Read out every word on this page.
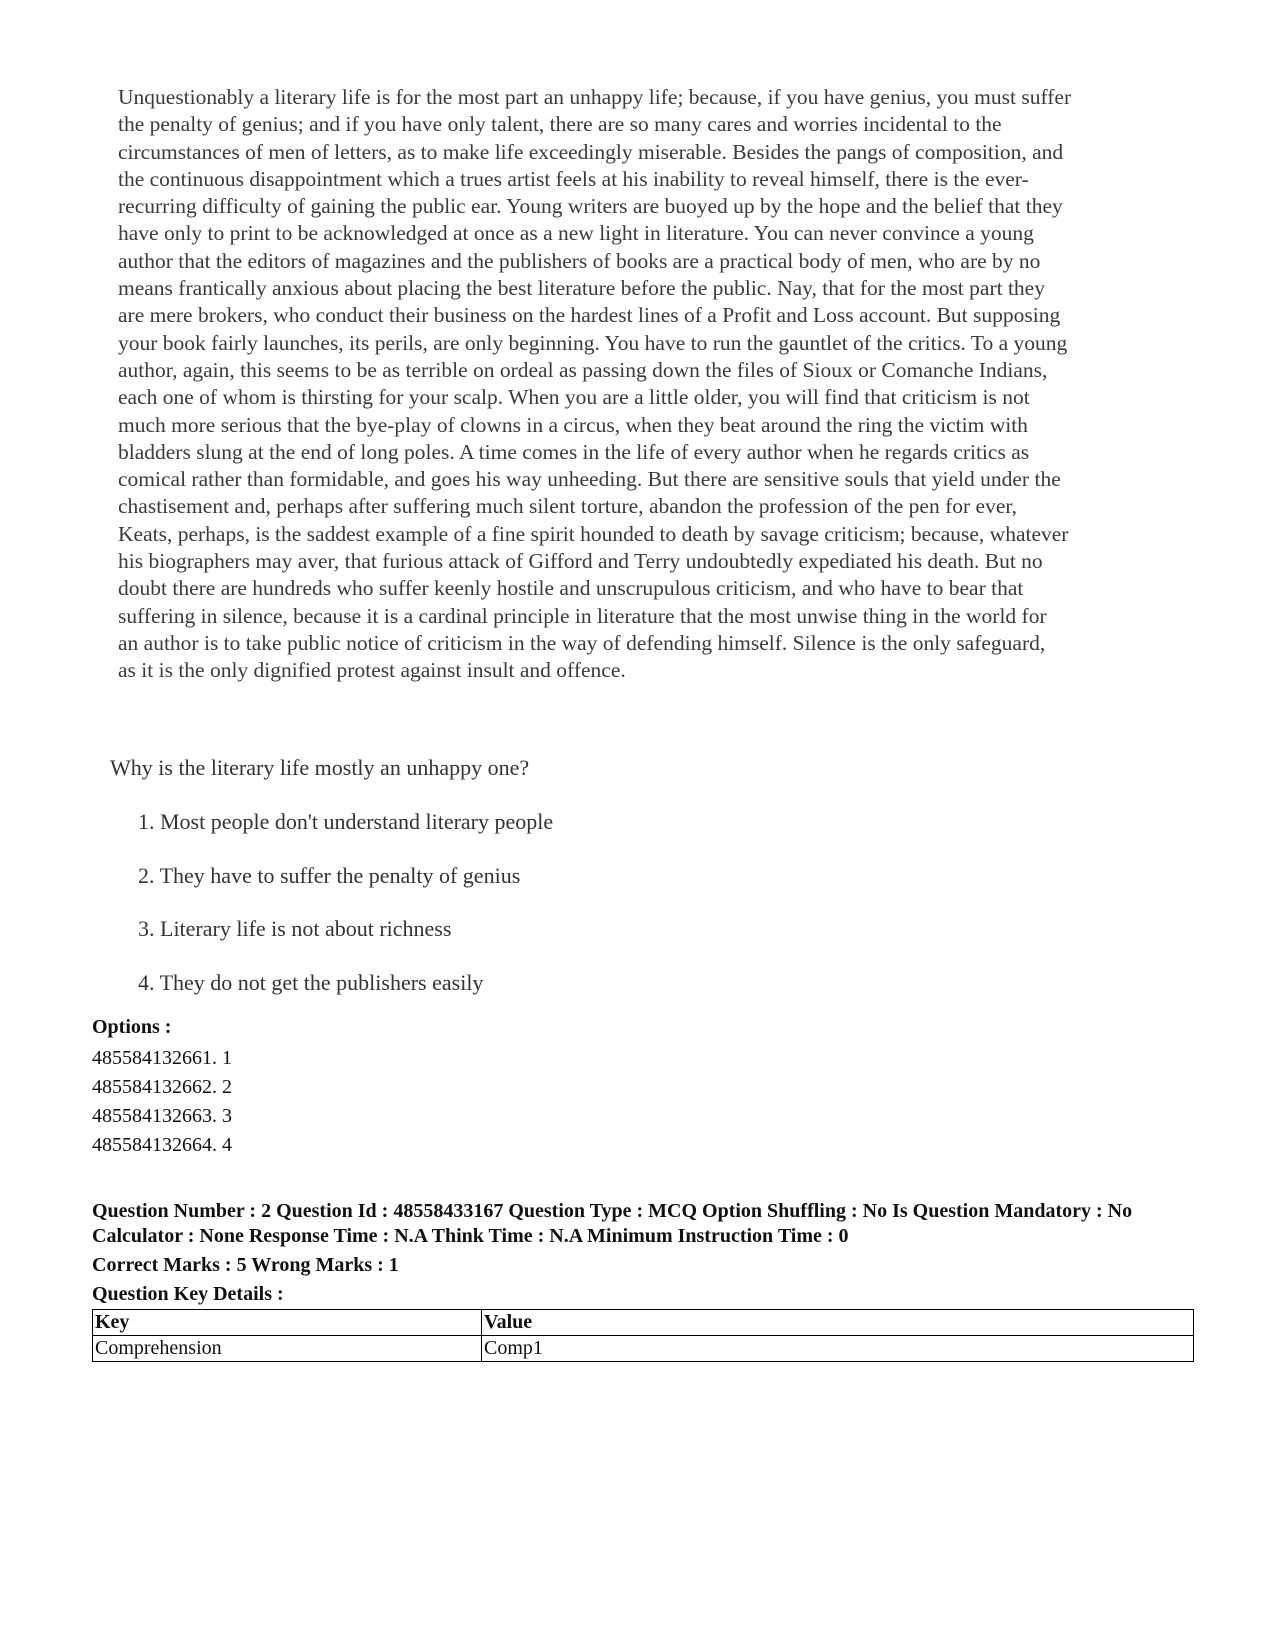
Unquestionably a literary life is for the most part an unhappy life; because, if you have genius, you must suffer
the penalty of genius; and if you have only talent, there are so many cares and worries incidental to the
circumstances of men of letters, as to make life exceedingly miserable. Besides the pangs of composition, and
the continuous disappointment which a trues artist feels at his inability to reveal himself, there is the ever-
recurring difficulty of gaining the public ear. Young writers are buoyed up by the hope and the belief that they
have only to print to be acknowledged at once as a new light in literature. You can never convince a young
author that the editors of magazines and the publishers of books are a practical body of men, who are by no
means frantically anxious about placing the best literature before the public. Nay, that for the most part they
are mere brokers, who conduct their business on the hardest lines of a Profit and Loss account. But supposing
your book fairly launches, its perils, are only beginning. You have to run the gauntlet of the critics. To a young
author, again, this seems to be as terrible on ordeal as passing down the files of Sioux or Comanche Indians,
each one of whom is thirsting for your scalp. When you are a little older, you will find that criticism is not
much more serious that the bye-play of clowns in a circus, when they beat around the ring the victim with
bladders slung at the end of long poles. A time comes in the life of every author when he regards critics as
comical rather than formidable, and goes his way unheeding. But there are sensitive souls that yield under the
chastisement and, perhaps after suffering much silent torture, abandon the profession of the pen for ever,
Keats, perhaps, is the saddest example of a fine spirit hounded to death by savage criticism; because, whatever
his biographers may aver, that furious attack of Gifford and Terry undoubtedly expediated his death. But no
doubt there are hundreds who suffer keenly hostile and unscrupulous criticism, and who have to bear that
suffering in silence, because it is a cardinal principle in literature that the most unwise thing in the world for
an author is to take public notice of criticism in the way of defending himself. Silence is the only safeguard,
as it is the only dignified protest against insult and offence.
Why is the literary life mostly an unhappy one?
1. Most people don't understand literary people
2. They have to suffer the penalty of genius
3. Literary life is not about richness
4. They do not get the publishers easily
Options :
485584132661. 1
485584132662. 2
485584132663. 3
485584132664. 4
Question Number : 2 Question Id : 48558433167 Question Type : MCQ Option Shuffling : No Is Question Mandatory : No
Calculator : None Response Time : N.A Think Time : N.A Minimum Instruction Time : 0
Correct Marks : 5 Wrong Marks : 1
Question Key Details :
Key	Value
Comprehension	Comp1
